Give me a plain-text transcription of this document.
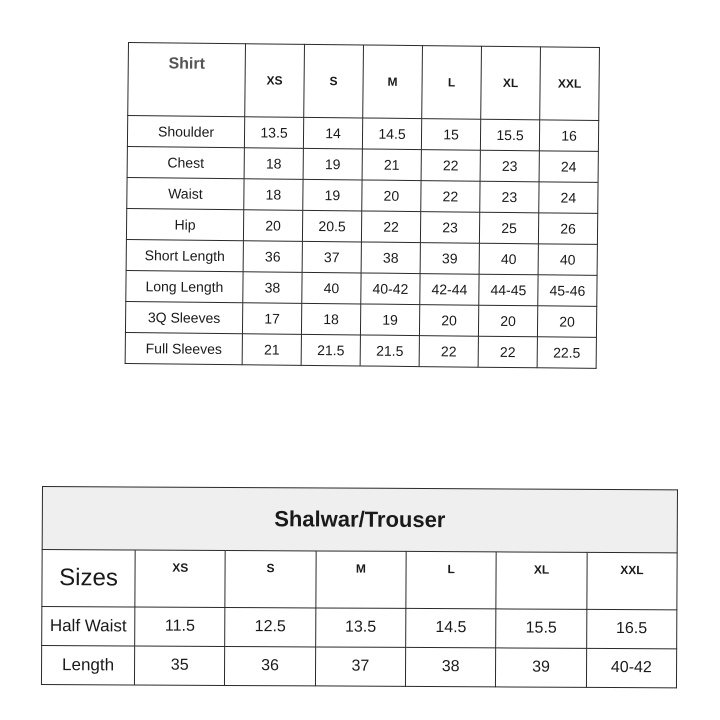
Shirt	XS	S	M	L	XL	XXL
Shoulder	13.5	14	14.5	15	15.5	16
Chest	18	19	21	22	23	24
Waist	18	19	20	22	23	24
Hip	20	20.5	22	23	25	26
Short Length	36	37	38	39	40	40
Long Length	38	40	40-42	42-44	44-45	45-46
3Q Sleeves	17	18	19	20	20	20
Full Sleeves	21	21.5	21.5	22	22	22.5
Shalwar/Trouser
Sizes	XS	S	M	L	XL	XXL
Half Waist	11.5	12.5	13.5	14.5	15.5	16.5
Length	35	36	37	38	39	40-42
